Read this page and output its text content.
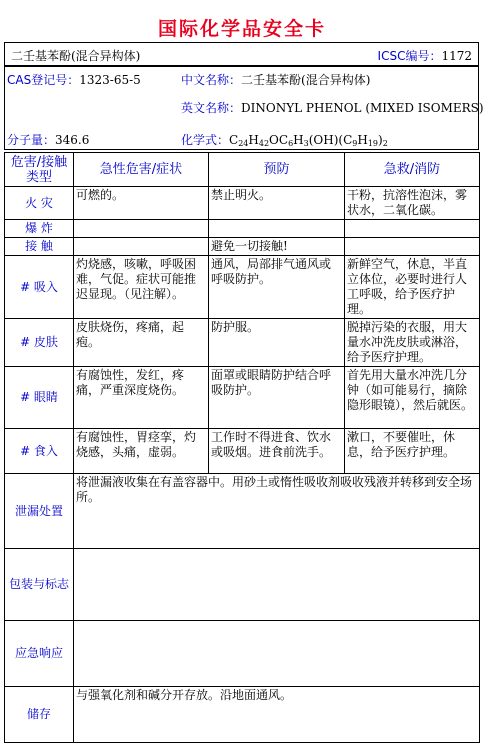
国际化学品安全卡
二壬基苯酚(混合异构体)	ICSC编号：1172
CAS登记号：1323-65-5	中文名称：二壬基苯酚(混合异构体)
英文名称：DINONYL PHENOL (MIXED ISOMERS)
分子量：346.6	化学式：$C_{24}H_{42}OC_6H_3(OH)(C_9H_{19})_2$
危害/接触类型	急性危害/症状	预防	急救/消防
火 灾	可燃的。	禁止明火。	干粉，抗溶性泡沫，雾状水，二氧化碳。
爆 炸			
接 触		避免一切接触!	
# 吸入	灼烧感，咳嗽，呼吸困难，气促。症状可能推迟显现。（见注解）。	通风，局部排气通风或呼吸防护。	新鲜空气，休息，半直立体位，必要时进行人工呼吸，给予医疗护理。
# 皮肤	皮肤烧伤，疼痛，起疱。	防护服。	脱掉污染的衣服，用大量水冲洗皮肤或淋浴，给予医疗护理。
# 眼睛	有腐蚀性，发红，疼痛，严重深度烧伤。	面罩或眼睛防护结合呼吸防护。	首先用大量水冲洗几分钟（如可能易行，摘除隐形眼镜），然后就医。
# 食入	有腐蚀性，胃痉挛，灼烧感，头痛，虚弱。	工作时不得进食、饮水或吸烟。进食前洗手。	漱口，不要催吐，休息，给予医疗护理。
泄漏处置	将泄漏液收集在有盖容器中。用砂土或惰性吸收剂吸收残液并转移到安全场所。		
包装与标志			
应急响应			
储存	与强氧化剂和碱分开存放。沿地面通风。		
